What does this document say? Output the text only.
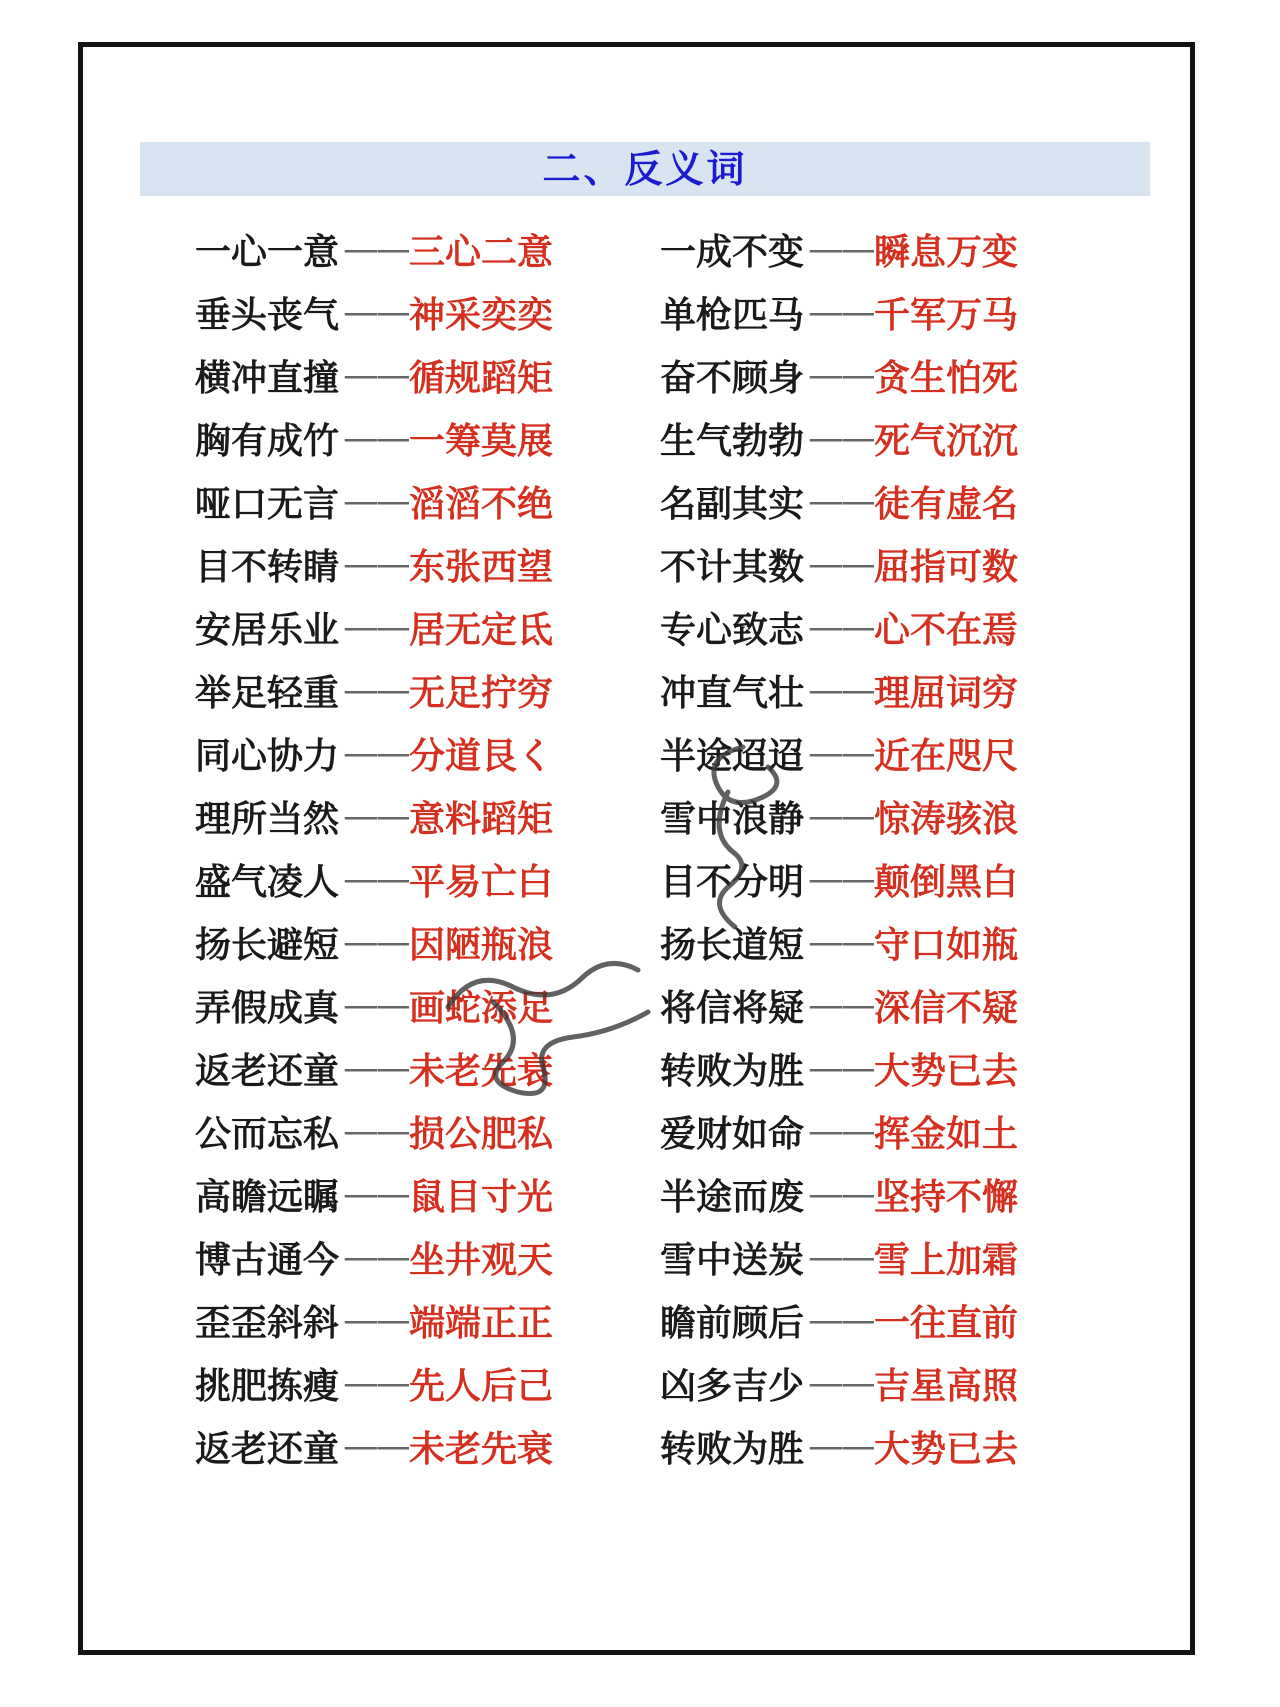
二、反义词
一心一意 —— 三心二意
垂头丧气 —— 神采奕奕
横冲直撞 —— 循规蹈矩
胸有成竹 —— 一筹莫展
哑口无言 —— 滔滔不绝
目不转睛 —— 东张西望
安居乐业 —— 居无定氐
举足轻重 —— 无足拧穷
同心协力 —— 分道艮く
理所当然 —— 意料蹈矩
盛气凌人 —— 平易亡白
扬长避短 —— 因陋瓶浪
弄假成真 —— 画蛇添足
返老还童 —— 未老先衰
公而忘私 —— 损公肥私
高瞻远瞩 —— 鼠目寸光
博古通今 —— 坐井观天
歪歪斜斜 —— 端端正正
挑肥拣瘦 —— 先人后己
返老还童 —— 未老先衰
一成不变 —— 瞬息万变
单枪匹马 —— 千军万马
奋不顾身 —— 贪生怕死
生气勃勃 —— 死气沉沉
名副其实 —— 徒有虚名
不计其数 —— 屈指可数
专心致志 —— 心不在焉
冲直气壮 —— 理屈词穷
半途迢迢 —— 近在咫尺
雪中浪静 —— 惊涛骇浪
目不分明 —— 颠倒黑白
扬长道短 —— 守口如瓶
将信将疑 —— 深信不疑
转败为胜 —— 大势已去
爱财如命 —— 挥金如土
半途而废 —— 坚持不懈
雪中送炭 —— 雪上加霜
瞻前顾后 —— 一往直前
凶多吉少 —— 吉星高照
转败为胜 —— 大势已去
